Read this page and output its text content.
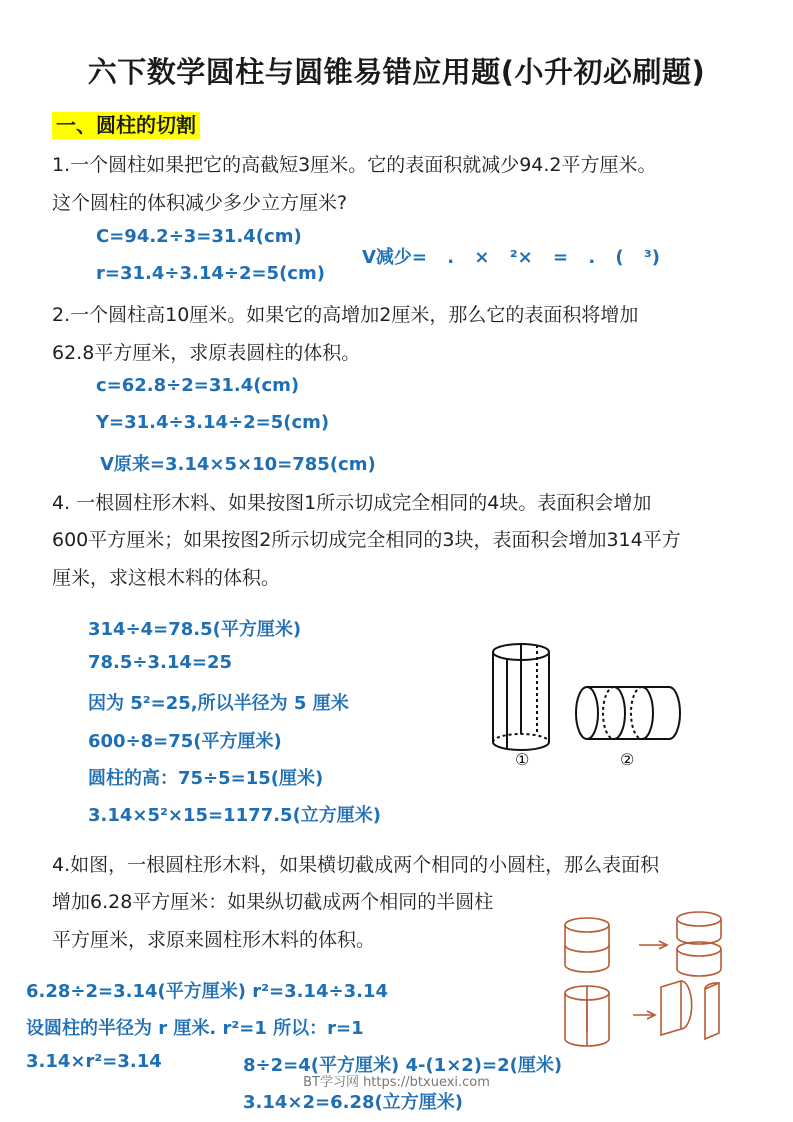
六下数学圆柱与圆锥易错应用题(小升初必刷题)
一、圆柱的切割
1.一个圆柱如果把它的高截短3厘米。它的表面积就减少94.2平方厘米。
这个圆柱的体积减少多少立方厘米?
C=94.2÷3=31.4(cm)
r=31.4÷3.14÷2=5(cm)
V减少= . × ²× = . ( ³)
2.一个圆柱高10厘米。如果它的高增加2厘米，那么它的表面积将增加
62.8平方厘米，求原表圆柱的体积。
c=62.8÷2=31.4(cm)
Y=31.4÷3.14÷2=5(cm)
V原来=3.14×5×10=785(cm)
4. 一根圆柱形木料、如果按图1所示切成完全相同的4块。表面积会增加
600平方厘米；如果按图2所示切成完全相同的3块，表面积会增加314平方
厘米，求这根木料的体积。
314÷4=78.5(平方厘米)
78.5÷3.14=25
因为 5²=25,所以半径为 5 厘米
600÷8=75(平方厘米)
圆柱的高：75÷5=15(厘米)
3.14×5²×15=1177.5(立方厘米)
①	②
4.如图，一根圆柱形木料，如果横切截成两个相同的小圆柱，那么表面积
增加6.28平方厘米：如果纵切截成两个相同的半圆柱
平方厘米，求原来圆柱形木料的体积。
6.28÷2=3.14(平方厘米) r²=3.14÷3.14
设圆柱的半径为 r 厘米. r²=1 所以：r=1
3.14×r²=3.14	8÷2=4(平方厘米) 4-(1×2)=2(厘米)
3.14×2=6.28(立方厘米)
BT学习网 https://btxuexi.com
